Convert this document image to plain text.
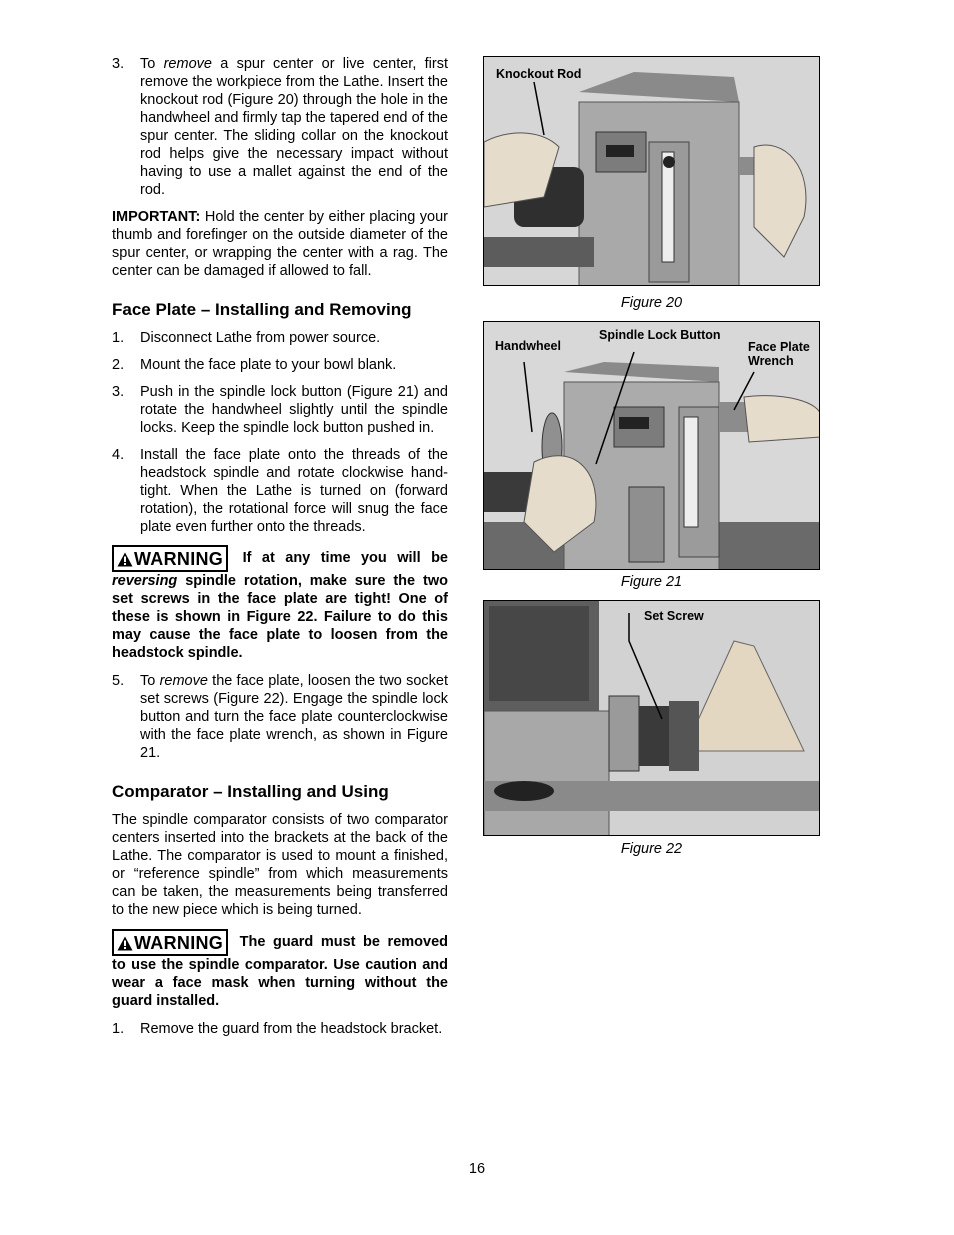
3. To remove a spur center or live center, first remove the workpiece from the Lathe. Insert the knockout rod (Figure 20) through the hole in the handwheel and firmly tap the tapered end of the spur center. The sliding collar on the knockout rod helps give the necessary impact without having to use a mallet against the end of the rod.
IMPORTANT: Hold the center by either placing your thumb and forefinger on the outside diameter of the spur center, or wrapping the center with a rag. The center can be damaged if allowed to fall.
Face Plate – Installing and Removing
1. Disconnect Lathe from power source.
2. Mount the face plate to your bowl blank.
3. Push in the spindle lock button (Figure 21) and rotate the handwheel slightly until the spindle locks. Keep the spindle lock button pushed in.
4. Install the face plate onto the threads of the headstock spindle and rotate clockwise hand-tight. When the Lathe is turned on (forward rotation), the rotational force will snug the face plate even further onto the threads.
WARNING If at any time you will be reversing spindle rotation, make sure the two set screws in the face plate are tight! One of these is shown in Figure 22. Failure to do this may cause the face plate to loosen from the headstock spindle.
5. To remove the face plate, loosen the two socket set screws (Figure 22). Engage the spindle lock button and turn the face plate counterclockwise with the face plate wrench, as shown in Figure 21.
Comparator – Installing and Using
The spindle comparator consists of two comparator centers inserted into the brackets at the back of the Lathe. The comparator is used to mount a finished, or “reference spindle” from which measurements can be taken, the measurements being transferred to the new piece which is being turned.
WARNING The guard must be removed to use the spindle comparator. Use caution and wear a face mask when turning without the guard installed.
1. Remove the guard from the headstock bracket.
Knockout Rod
Figure 20
Handwheel
Spindle Lock Button
Face Plate
Wrench
Figure 21
Set Screw
Figure 22
16
